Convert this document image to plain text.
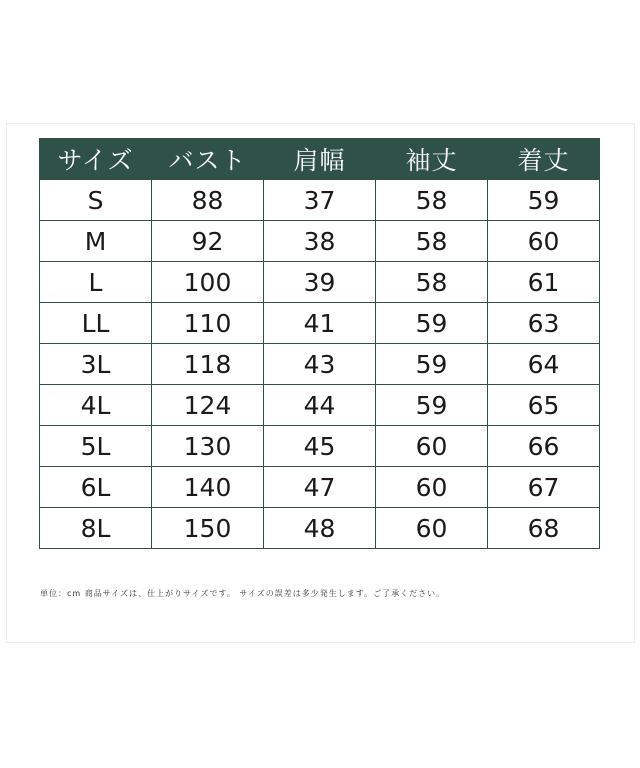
サイズ	バスト	肩幅	袖丈	着丈
S	88	37	58	59
M	92	38	58	60
L	100	39	58	61
LL	110	41	59	63
3L	118	43	59	64
4L	124	44	59	65
5L	130	45	60	66
6L	140	47	60	67
8L	150	48	60	68
単位：cm 商品サイズは、仕上がりサイズです。 サイズの誤差は多少発生します。ご了承ください。
